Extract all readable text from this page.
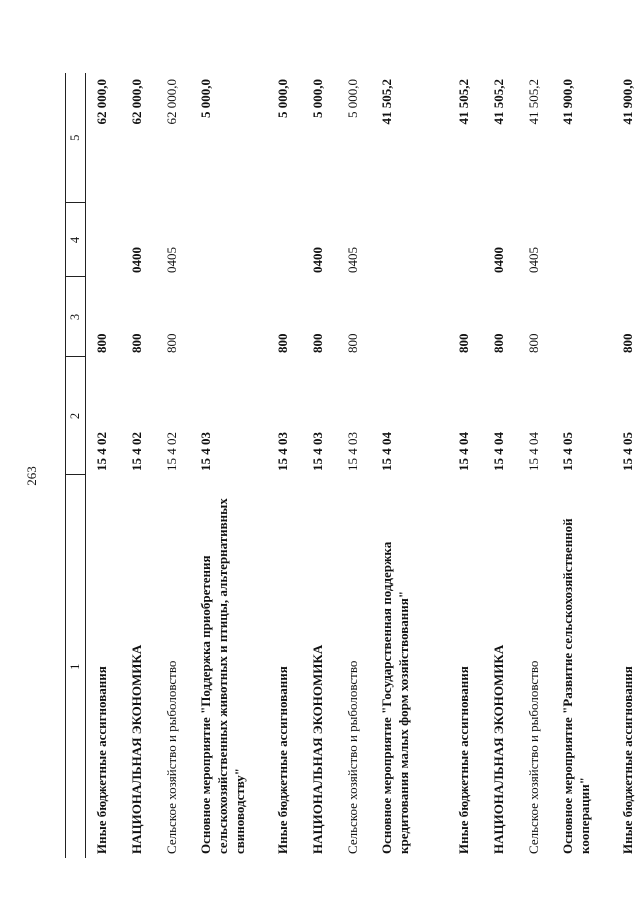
263
1	2	3	4	5
Иные бюджетные ассигнования	15 4 02	800		62 000,0
НАЦИОНАЛЬНАЯ ЭКОНОМИКА	15 4 02	800	0400	62 000,0
Сельское хозяйство и рыболовство	15 4 02	800	0405	62 000,0
Основное мероприятие "Поддержка приобретения сельскохозяйственных животных и птицы, альтернативных свиноводству"	15 4 03			5 000,0
Иные бюджетные ассигнования	15 4 03	800		5 000,0
НАЦИОНАЛЬНАЯ ЭКОНОМИКА	15 4 03	800	0400	5 000,0
Сельское хозяйство и рыболовство	15 4 03	800	0405	5 000,0
Основное мероприятие "Государственная поддержка кредитования малых форм хозяйствования"	15 4 04			41 505,2
Иные бюджетные ассигнования	15 4 04	800		41 505,2
НАЦИОНАЛЬНАЯ ЭКОНОМИКА	15 4 04	800	0400	41 505,2
Сельское хозяйство и рыболовство	15 4 04	800	0405	41 505,2
Основное мероприятие "Развитие сельскохозяйственной кооперации"	15 4 05			41 900,0
Иные бюджетные ассигнования	15 4 05	800		41 900,0
